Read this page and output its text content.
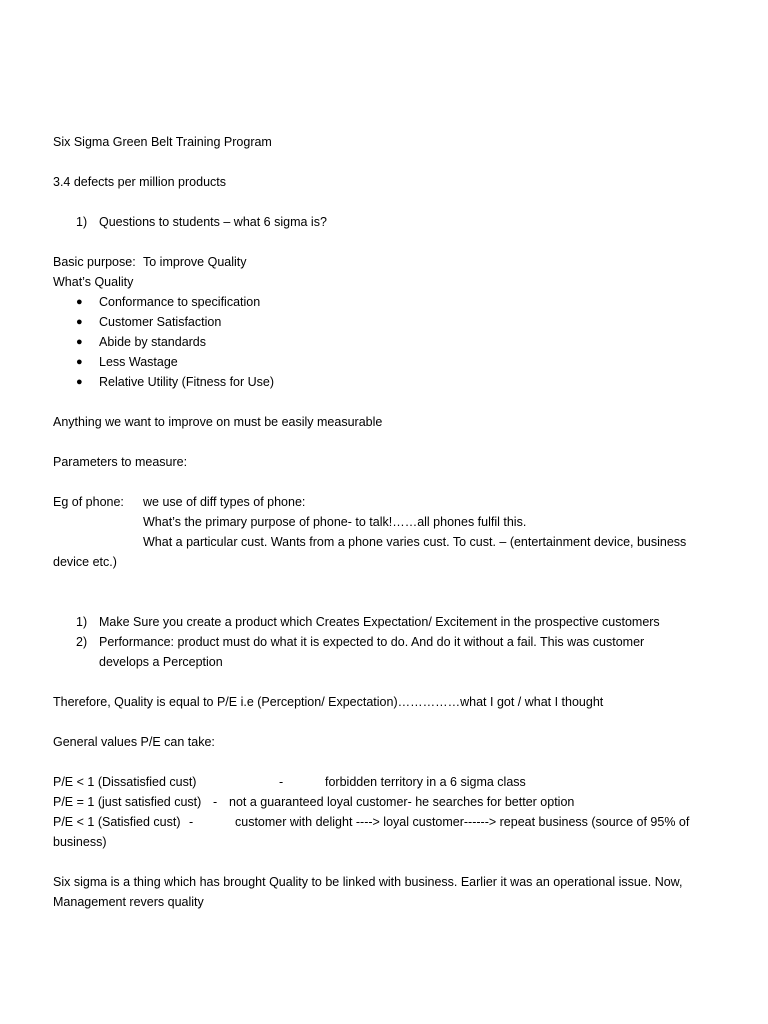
Six Sigma Green Belt Training Program

3.4 defects per million products

1) Questions to students – what 6 sigma is?

Basic purpose: To improve Quality

What’s Quality

● Conformance to specification
● Customer Satisfaction
● Abide by standards
● Less Wastage
● Relative Utility (Fitness for Use)

Anything we want to improve on must be easily measurable

Parameters to measure:

Eg of phone: we use of diff types of phone:

What’s the primary purpose of phone- to talk!……all phones fulfil this.

What a particular cust. Wants from a phone varies cust. To cust. – (entertainment device, business

device etc.)

1) Make Sure you create a product which Creates Expectation/ Excitement in the prospective customers
2) Performance: product must do what it is expected to do. And do it without a fail. This was customer develops a Perception

Therefore, Quality is equal to P/E i.e (Perception/ Expectation)……………what I got / what I thought

General values P/E can take:

P/E < 1 (Dissatisfied cust)	-	forbidden territory in a 6 sigma class

P/E = 1 (just satisfied cust) - not a guaranteed loyal customer- he searches for better option

P/E < 1 (Satisfied cust) -	customer with delight ----> loyal customer------> repeat business (source of 95% of

business)

Six sigma is a thing which has brought Quality to be linked with business. Earlier it was an operational issue. Now, Management revers quality
